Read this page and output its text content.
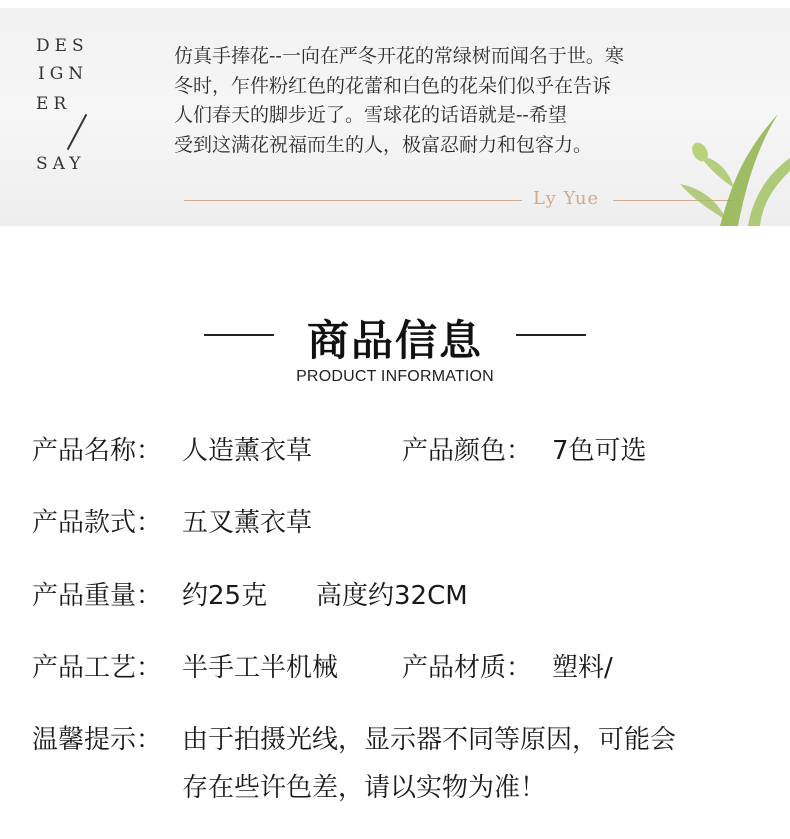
DES
IGN
ER
SAY
仿真手捧花--一向在严冬开花的常绿树而闻名于世。寒
冬时，乍件粉红色的花蕾和白色的花朵们似乎在告诉
人们春天的脚步近了。雪球花的话语就是--希望
受到这满花祝福而生的人，极富忍耐力和包容力。
Ly Yue
商品信息
PRODUCT INFORMATION
产品名称： 人造薰衣草	产品颜色： 7色可选
产品款式： 五叉薰衣草
产品重量： 约25克 高度约32CM
产品工艺： 半手工半机械 产品材质： 塑料/
温馨提示： 由于拍摄光线，显示器不同等原因，可能会
存在些许色差，请以实物为准！
